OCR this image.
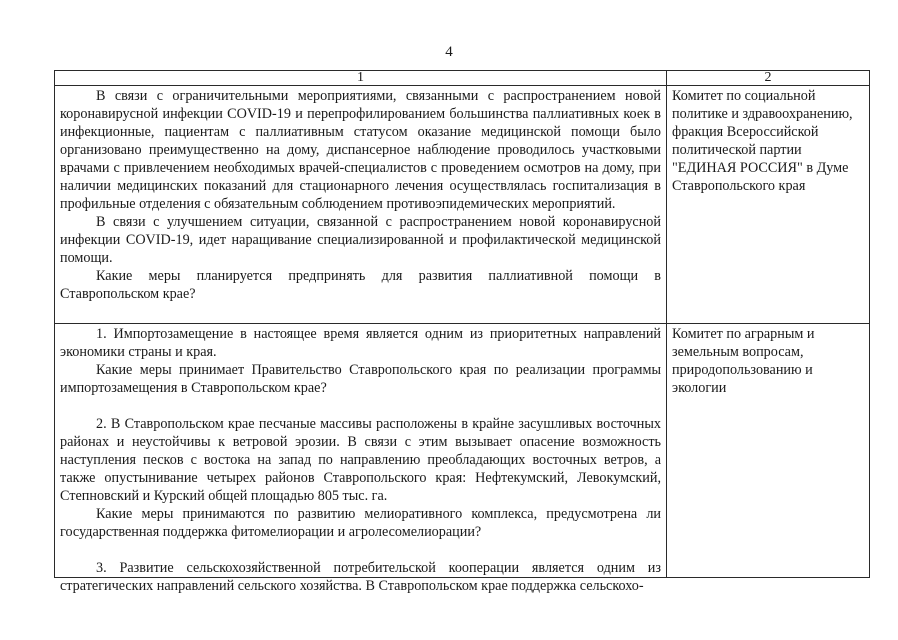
4
1	2

В связи с ограничительными мероприятиями, связанными с распространением новой коронавирусной инфекции COVID-19 и перепрофилированием большинства паллиативных коек в инфекционные, пациентам с паллиативным статусом оказание медицинской помощи было организовано преимущественно на дому, диспансерное наблюдение проводилось участковыми врачами с привлечением необходимых врачей-специалистов с проведением осмотров на дому, при наличии медицинских показаний для стационарного лечения осуществлялась госпитализация в профильные отделения с обязательным соблюдением противоэпидемических мероприятий.

В связи с улучшением ситуации, связанной с распространением новой коронавирусной инфекции COVID-19, идет наращивание специализированной и профилактической медицинской помощи.

Какие меры планируется предпринять для развития паллиативной помощи в Ставропольском крае?	Комитет по социальной политике и здравоохранению, фракция Всероссийской политической партии "ЕДИНАЯ РОССИЯ" в Думе Ставропольского края

1. Импортозамещение в настоящее время является одним из приоритетных направлений экономики страны и края.

Какие меры принимает Правительство Ставропольского края по реализации программы импортозамещения в Ставропольском крае?

2. В Ставропольском крае песчаные массивы расположены в крайне засушливых восточных районах и неустойчивы к ветровой эрозии. В связи с этим вызывает опасение возможность наступления песков с востока на запад по направлению преобладающих восточных ветров, а также опустынивание четырех районов Ставропольского края: Нефтекумский, Левокумский, Степновский и Курский общей площадью 805 тыс. га.

Какие меры принимаются по развитию мелиоративного комплекса, предусмотрена ли государственная поддержка фитомелиорации и агролесомелиорации?

3. Развитие сельскохозяйственной потребительской кооперации является одним из стратегических направлений сельского хозяйства. В Ставропольском крае поддержка сельскохо-	Комитет по аграрным и земельным вопросам, природопользованию и экологии
